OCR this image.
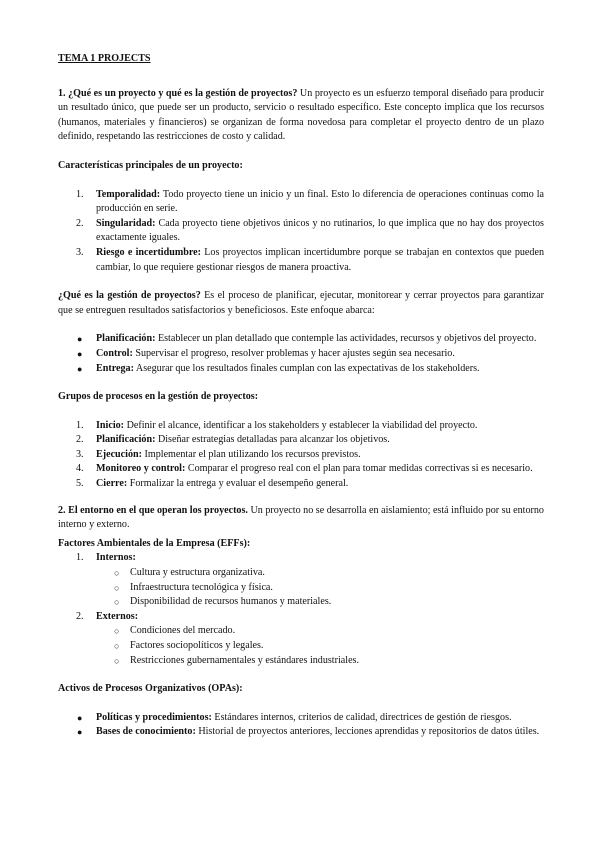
TEMA 1 PROJECTS

1. ¿Qué es un proyecto y qué es la gestión de proyectos? Un proyecto es un esfuerzo temporal diseñado para producir un resultado único, que puede ser un producto, servicio o resultado específico. Este concepto implica que los recursos (humanos, materiales y financieros) se organizan de forma novedosa para completar el proyecto dentro de un plazo definido, respetando las restricciones de costo y calidad.

Características principales de un proyecto:

1. Temporalidad: Todo proyecto tiene un inicio y un final. Esto lo diferencia de operaciones continuas como la producción en serie.
2. Singularidad: Cada proyecto tiene objetivos únicos y no rutinarios, lo que implica que no hay dos proyectos exactamente iguales.
3. Riesgo e incertidumbre: Los proyectos implican incertidumbre porque se trabajan en contextos que pueden cambiar, lo que requiere gestionar riesgos de manera proactiva.

¿Qué es la gestión de proyectos? Es el proceso de planificar, ejecutar, monitorear y cerrar proyectos para garantizar que se entreguen resultados satisfactorios y beneficiosos. Este enfoque abarca:

● Planificación: Establecer un plan detallado que contemple las actividades, recursos y objetivos del proyecto.
● Control: Supervisar el progreso, resolver problemas y hacer ajustes según sea necesario.
● Entrega: Asegurar que los resultados finales cumplan con las expectativas de los stakeholders.

Grupos de procesos en la gestión de proyectos:

1. Inicio: Definir el alcance, identificar a los stakeholders y establecer la viabilidad del proyecto.
2. Planificación: Diseñar estrategias detalladas para alcanzar los objetivos.
3. Ejecución: Implementar el plan utilizando los recursos previstos.
4. Monitoreo y control: Comparar el progreso real con el plan para tomar medidas correctivas si es necesario.
5. Cierre: Formalizar la entrega y evaluar el desempeño general.

2. El entorno en el que operan los proyectos. Un proyecto no se desarrolla en aislamiento; está influido por su entorno interno y externo.

Factores Ambientales de la Empresa (EFFs):

1. Internos:
○ Cultura y estructura organizativa.
○ Infraestructura tecnológica y física.
○ Disponibilidad de recursos humanos y materiales.
2. Externos:
○ Condiciones del mercado.
○ Factores sociopolíticos y legales.
○ Restricciones gubernamentales y estándares industriales.

Activos de Procesos Organizativos (OPAs):

● Políticas y procedimientos: Estándares internos, criterios de calidad, directrices de gestión de riesgos.
● Bases de conocimiento: Historial de proyectos anteriores, lecciones aprendidas y repositorios de datos útiles.
